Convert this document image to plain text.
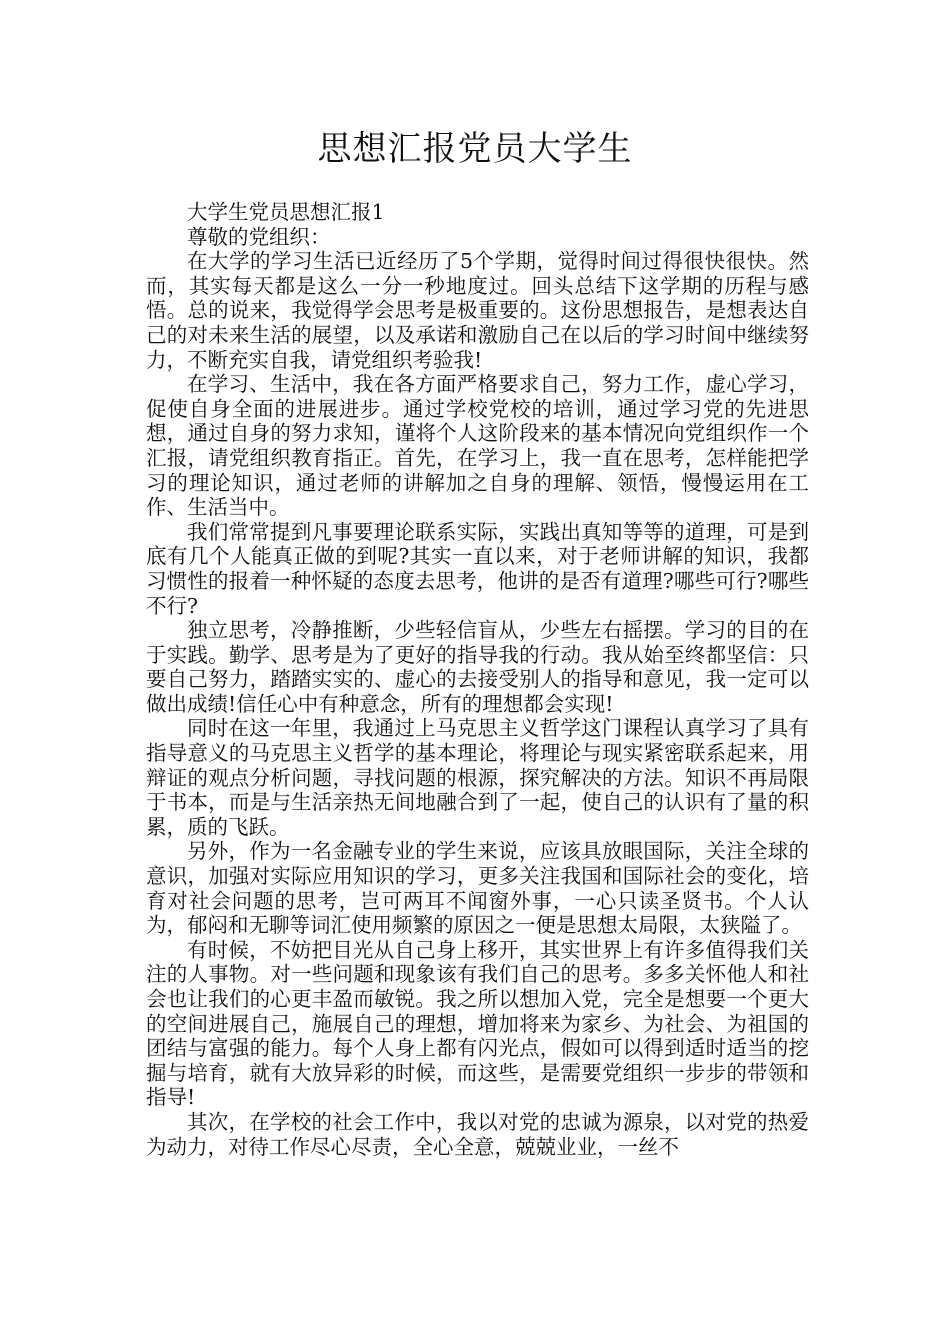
思想汇报党员大学生

大学生党员思想汇报1

尊敬的党组织：

在大学的学习生活已近经历了5个学期，觉得时间过得很快很快。然而，其实每天都是这么一分一秒地度过。回头总结下这学期的历程与感悟。总的说来，我觉得学会思考是极重要的。这份思想报告，是想表达自己的对未来生活的展望，以及承诺和激励自己在以后的学习时间中继续努力，不断充实自我，请党组织考验我!

在学习、生活中，我在各方面严格要求自己，努力工作，虚心学习，促使自身全面的进展进步。通过学校党校的培训，通过学习党的先进思想，通过自身的努力求知，谨将个人这阶段来的基本情况向党组织作一个汇报，请党组织教育指正。首先，在学习上，我一直在思考，怎样能把学习的理论知识，通过老师的讲解加之自身的理解、领悟，慢慢运用在工作、生活当中。

我们常常提到凡事要理论联系实际，实践出真知等等的道理，可是到底有几个人能真正做的到呢?其实一直以来，对于老师讲解的知识，我都习惯性的报着一种怀疑的态度去思考，他讲的是否有道理?哪些可行?哪些不行?

独立思考，冷静推断，少些轻信盲从，少些左右摇摆。学习的目的在于实践。勤学、思考是为了更好的指导我的行动。我从始至终都坚信：只要自己努力，踏踏实实的、虚心的去接受别人的指导和意见，我一定可以做出成绩!信任心中有种意念，所有的理想都会实现!

同时在这一年里，我通过上马克思主义哲学这门课程认真学习了具有指导意义的马克思主义哲学的基本理论，将理论与现实紧密联系起来，用辩证的观点分析问题，寻找问题的根源，探究解决的方法。知识不再局限于书本，而是与生活亲热无间地融合到了一起，使自己的认识有了量的积累，质的飞跃。

另外，作为一名金融专业的学生来说，应该具放眼国际，关注全球的意识，加强对实际应用知识的学习，更多关注我国和国际社会的变化，培育对社会问题的思考，岂可两耳不闻窗外事，一心只读圣贤书。个人认为，郁闷和无聊等词汇使用频繁的原因之一便是思想太局限，太狭隘了。

有时候，不妨把目光从自己身上移开，其实世界上有许多值得我们关注的人事物。对一些问题和现象该有我们自己的思考。多多关怀他人和社会也让我们的心更丰盈而敏锐。我之所以想加入党，完全是想要一个更大的空间进展自己，施展自己的理想，增加将来为家乡、为社会、为祖国的团结与富强的能力。每个人身上都有闪光点，假如可以得到适时适当的挖掘与培育，就有大放异彩的时候，而这些，是需要党组织一步步的带领和指导!

其次，在学校的社会工作中，我以对党的忠诚为源泉，以对党的热爱为动力，对待工作尽心尽责，全心全意，兢兢业业，一丝不
